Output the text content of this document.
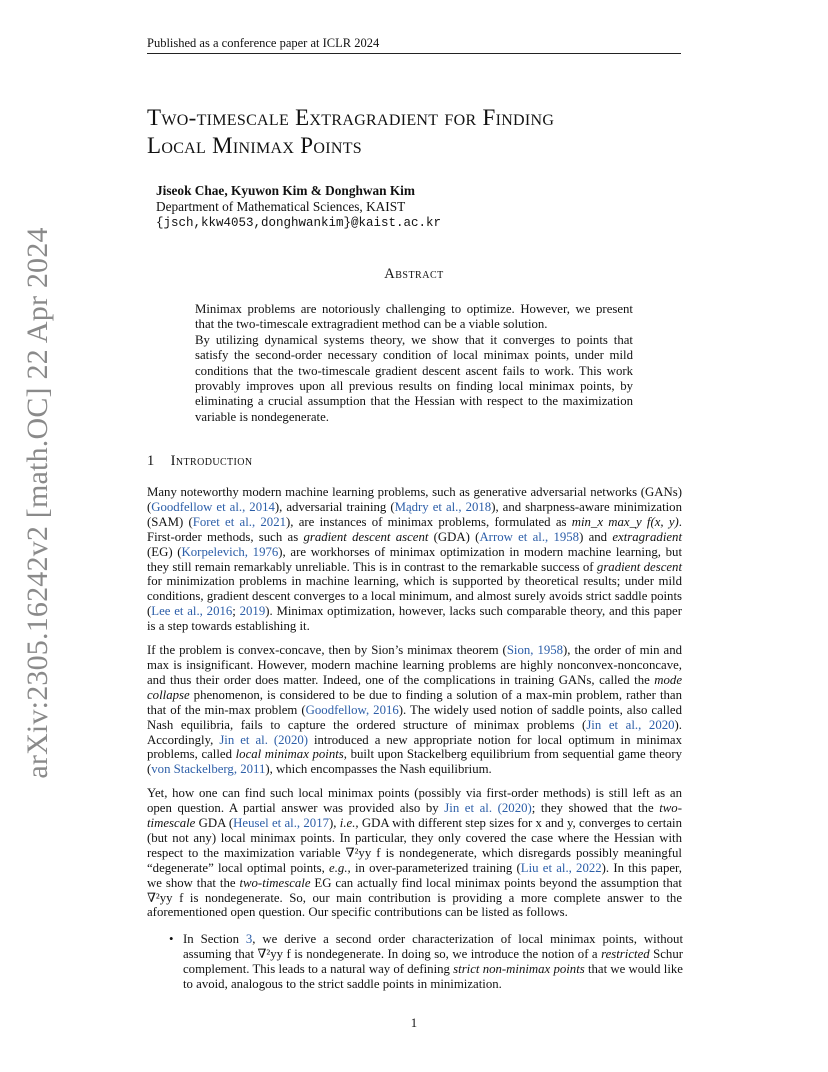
Published as a conference paper at ICLR 2024
arXiv:2305.16242v2 [math.OC] 22 Apr 2024
Two-timescale Extragradient for Finding
Local Minimax Points
Jiseok Chae, Kyuwon Kim & Donghwan Kim
Department of Mathematical Sciences, KAIST
{jsch,kkw4053,donghwankim}@kaist.ac.kr
Abstract

Minimax problems are notoriously challenging to optimize. However, we present that the two-timescale extragradient method can be a viable solution.

By utilizing dynamical systems theory, we show that it converges to points that satisfy the second-order necessary condition of local minimax points, under mild conditions that the two-timescale gradient descent ascent fails to work. This work provably improves upon all previous results on finding local minimax points, by eliminating a crucial assumption that the Hessian with respect to the maximization variable is nondegenerate.

1 Introduction

Many noteworthy modern machine learning problems, such as generative adversarial networks (GANs) (Goodfellow et al., 2014), adversarial training (Mądry et al., 2018), and sharpness-aware minimization (SAM) (Foret et al., 2021), are instances of minimax problems, formulated as min_x max_y f(x, y). First-order methods, such as gradient descent ascent (GDA) (Arrow et al., 1958) and extragradient (EG) (Korpelevich, 1976), are workhorses of minimax optimization in modern machine learning, but they still remain remarkably unreliable. This is in contrast to the remarkable success of gradient descent for minimization problems in machine learning, which is supported by theoretical results; under mild conditions, gradient descent converges to a local minimum, and almost surely avoids strict saddle points (Lee et al., 2016; 2019). Minimax optimization, however, lacks such comparable theory, and this paper is a step towards establishing it.

If the problem is convex-concave, then by Sion’s minimax theorem (Sion, 1958), the order of min and max is insignificant. However, modern machine learning problems are highly nonconvex-nonconcave, and thus their order does matter. Indeed, one of the complications in training GANs, called the mode collapse phenomenon, is considered to be due to finding a solution of a max-min problem, rather than that of the min-max problem (Goodfellow, 2016). The widely used notion of saddle points, also called Nash equilibria, fails to capture the ordered structure of minimax problems (Jin et al., 2020). Accordingly, Jin et al. (2020) introduced a new appropriate notion for local optimum in minimax problems, called local minimax points, built upon Stackelberg equilibrium from sequential game theory (von Stackelberg, 2011), which encompasses the Nash equilibrium.

Yet, how one can find such local minimax points (possibly via first-order methods) is still left as an open question. A partial answer was provided also by Jin et al. (2020); they showed that the two-timescale GDA (Heusel et al., 2017), i.e., GDA with different step sizes for x and y, converges to certain (but not any) local minimax points. In particular, they only covered the case where the Hessian with respect to the maximization variable ∇²yy f is nondegenerate, which disregards possibly meaningful “degenerate” local optimal points, e.g., in over-parameterized training (Liu et al., 2022). In this paper, we show that the two-timescale EG can actually find local minimax points beyond the assumption that ∇²yy f is nondegenerate. So, our main contribution is providing a more complete answer to the aforementioned open question. Our specific contributions can be listed as follows.

• In Section 3, we derive a second order characterization of local minimax points, without assuming that ∇²yy f is nondegenerate. In doing so, we introduce the notion of a restricted Schur complement. This leads to a natural way of defining strict non-minimax points that we would like to avoid, analogous to the strict saddle points in minimization.
1
